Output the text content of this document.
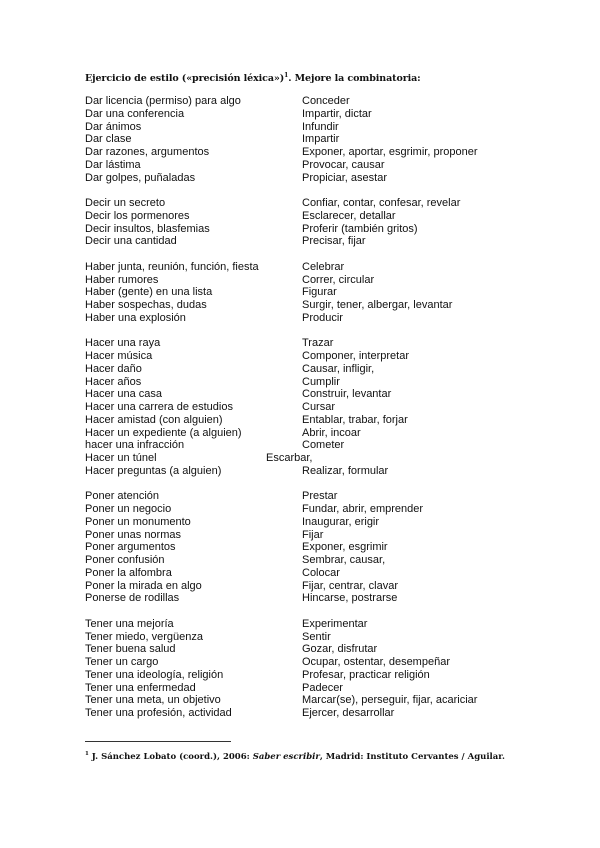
Ejercicio de estilo («precisión léxica»)$^1$. Mejore la combinatoria:
Dar licencia (permiso) para algo	Conceder
Dar una conferencia	Impartir, dictar
Dar ánimos	Infundir
Dar clase	Impartir
Dar razones, argumentos	Exponer, aportar, esgrimir, proponer
Dar lástima	Provocar, causar
Dar golpes, puñaladas	Propiciar, asestar
Decir un secreto	Confiar, contar, confesar, revelar
Decir los pormenores	Esclarecer, detallar
Decir insultos, blasfemias	Proferir (también gritos)
Decir una cantidad	Precisar, fijar
Haber junta, reunión, función, fiesta	Celebrar
Haber rumores	Correr, circular
Haber (gente) en una lista	Figurar
Haber sospechas, dudas	Surgir, tener, albergar, levantar
Haber una explosión	Producir
Hacer una raya	Trazar
Hacer música	Componer, interpretar
Hacer daño	Causar, infligir,
Hacer años	Cumplir
Hacer una casa	Construir, levantar
Hacer una carrera de estudios	Cursar
Hacer amistad (con alguien)	Entablar, trabar, forjar
Hacer un expediente (a alguien)	Abrir, incoar
hacer una infracción	Cometer
Hacer un túnel	Escarbar,
Hacer preguntas (a alguien)	Realizar, formular
Poner atención	Prestar
Poner un negocio	Fundar, abrir, emprender
Poner un monumento	Inaugurar, erigir
Poner unas normas	Fijar
Poner argumentos	Exponer, esgrimir
Poner confusión	Sembrar, causar,
Poner la alfombra	Colocar
Poner la mirada en algo	Fijar, centrar, clavar
Ponerse de rodillas	Hincarse, postrarse
Tener una mejoría	Experimentar
Tener miedo, vergüenza	Sentir
Tener buena salud	Gozar, disfrutar
Tener un cargo	Ocupar, ostentar, desempeñar
Tener una ideología, religión	Profesar, practicar religión
Tener una enfermedad	Padecer
Tener una meta, un objetivo	Marcar(se), perseguir, fijar, acariciar
Tener una profesión, actividad	Ejercer, desarrollar

$^1$ J. Sánchez Lobato (coord.), 2006: Saber escribir, Madrid: Instituto Cervantes / Aguilar.
